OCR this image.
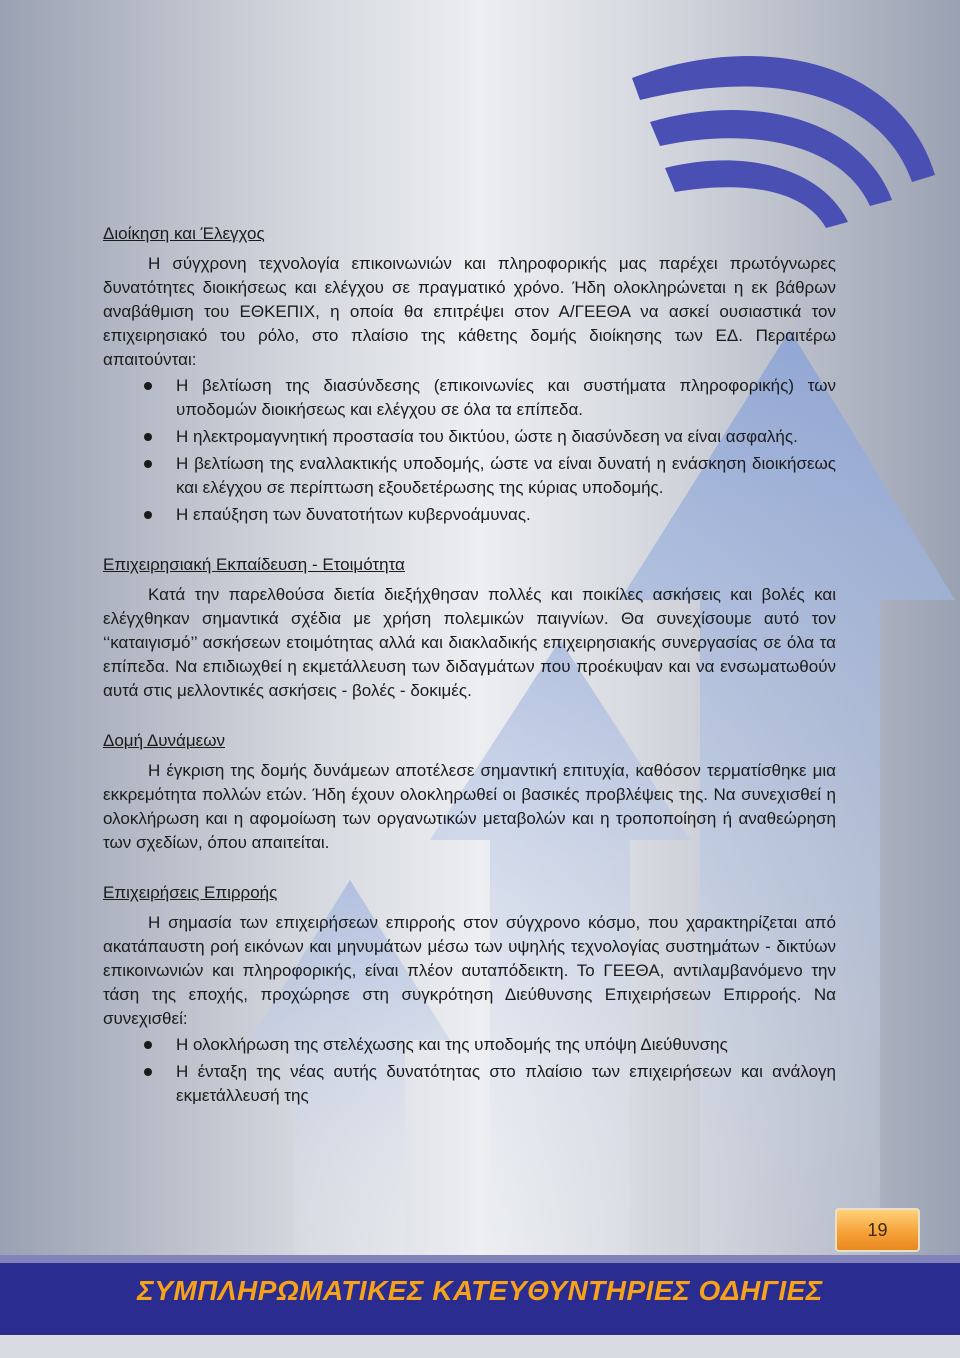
Διοίκηση και Έλεγχος

Η σύγχρονη τεχνολογία επικοινωνιών και πληροφορικής μας παρέχει πρωτόγνωρες δυνατότητες διοικήσεως και ελέγχου σε πραγματικό χρόνο. Ήδη ολοκληρώνεται η εκ βάθρων αναβάθμιση του ΕΘΚΕΠΙΧ, η οποία θα επιτρέψει στον Α/ΓΕΕΘΑ να ασκεί ουσιαστικά τον επιχειρησιακό του ρόλο, στο πλαίσιο της κάθετης δομής διοίκησης των ΕΔ. Περαιτέρω απαιτούνται:

Η βελτίωση της διασύνδεσης (επικοινωνίες και συστήματα πληροφορικής) των υποδομών διοικήσεως και ελέγχου σε όλα τα επίπεδα.
Η ηλεκτρομαγνητική προστασία του δικτύου, ώστε η διασύνδεση να είναι ασφαλής.
Η βελτίωση της εναλλακτικής υποδομής, ώστε να είναι δυνατή η ενάσκηση διοικήσεως και ελέγχου σε περίπτωση εξουδετέρωσης της κύριας υποδομής.
Η επαύξηση των δυνατοτήτων κυβερνοάμυνας.
Επιχειρησιακή Εκπαίδευση - Ετοιμότητα

Κατά την παρελθούσα διετία διεξήχθησαν πολλές και ποικίλες ασκήσεις και βολές και ελέγχθηκαν σημαντικά σχέδια με χρήση πολεμικών παιγνίων. Θα συνεχίσουμε αυτό τον ‘‘καταιγισμό’’ ασκήσεων ετοιμότητας αλλά και διακλαδικής επιχειρησιακής συνεργασίας σε όλα τα επίπεδα. Να επιδιωχθεί η εκμετάλλευση των διδαγμάτων που προέκυψαν και να ενσωματωθούν αυτά στις μελλοντικές ασκήσεις - βολές - δοκιμές.

Δομή Δυνάμεων

Η έγκριση της δομής δυνάμεων αποτέλεσε σημαντική επιτυχία, καθόσον τερματίσθηκε μια εκκρεμότητα πολλών ετών. Ήδη έχουν ολοκληρωθεί οι βασικές προβλέψεις της. Να συνεχισθεί η ολοκλήρωση και η αφομοίωση των οργανωτικών μεταβολών και η τροποποίηση ή αναθεώρηση των σχεδίων, όπου απαιτείται.

Επιχειρήσεις Επιρροής

Η σημασία των επιχειρήσεων επιρροής στον σύγχρονο κόσμο, που χαρακτηρίζεται από ακατάπαυστη ροή εικόνων και μηνυμάτων μέσω των υψηλής τεχνολογίας συστημάτων - δικτύων επικοινωνιών και πληροφορικής, είναι πλέον αυταπόδεικτη. Το ΓΕΕΘΑ, αντιλαμβανόμενο την τάση της εποχής, προχώρησε στη συγκρότηση Διεύθυνσης Επιχειρήσεων Επιρροής. Να συνεχισθεί:

Η ολοκλήρωση της στελέχωσης και της υποδομής της υπόψη Διεύθυνσης
Η ένταξη της νέας αυτής δυνατότητας στο πλαίσιο των επιχειρήσεων και ανάλογη εκμετάλλευσή της
19
ΣΥΜΠΛΗΡΩΜΑΤΙΚΕΣ ΚΑΤΕΥΘΥΝΤΗΡΙΕΣ ΟΔΗΓΙΕΣ
